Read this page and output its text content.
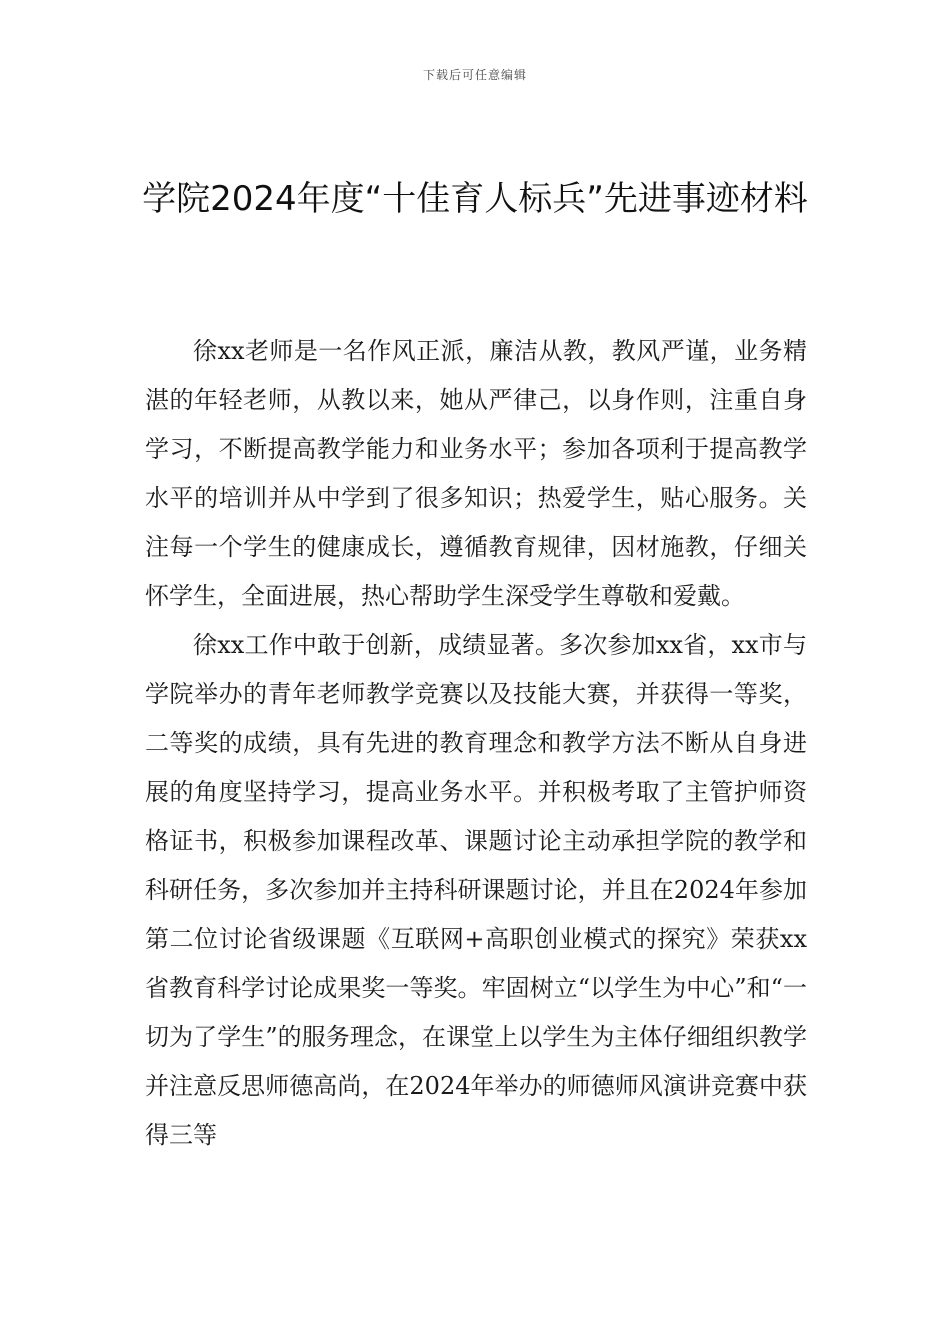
下载后可任意编辑
学院2024年度“十佳育人标兵”先进事迹材料

徐xx老师是一名作风正派，廉洁从教，教风严谨，业务精湛的年轻老师，从教以来，她从严律己，以身作则，注重自身学习，不断提高教学能力和业务水平；参加各项利于提高教学水平的培训并从中学到了很多知识；热爱学生，贴心服务。关注每一个学生的健康成长，遵循教育规律，因材施教，仔细关怀学生，全面进展，热心帮助学生深受学生尊敬和爱戴。

徐xx工作中敢于创新，成绩显著。多次参加xx省，xx市与学院举办的青年老师教学竞赛以及技能大赛，并获得一等奖，二等奖的成绩，具有先进的教育理念和教学方法不断从自身进展的角度坚持学习，提高业务水平。并积极考取了主管护师资格证书，积极参加课程改革、课题讨论主动承担学院的教学和科研任务，多次参加并主持科研课题讨论，并且在2024年参加第二位讨论省级课题《互联网+高职创业模式的探究》荣获xx省教育科学讨论成果奖一等奖。牢固树立“以学生为中心”和“一切为了学生”的服务理念，在课堂上以学生为主体仔细组织教学并注意反思师德高尚，在2024年举办的师德师风演讲竞赛中获得三等
